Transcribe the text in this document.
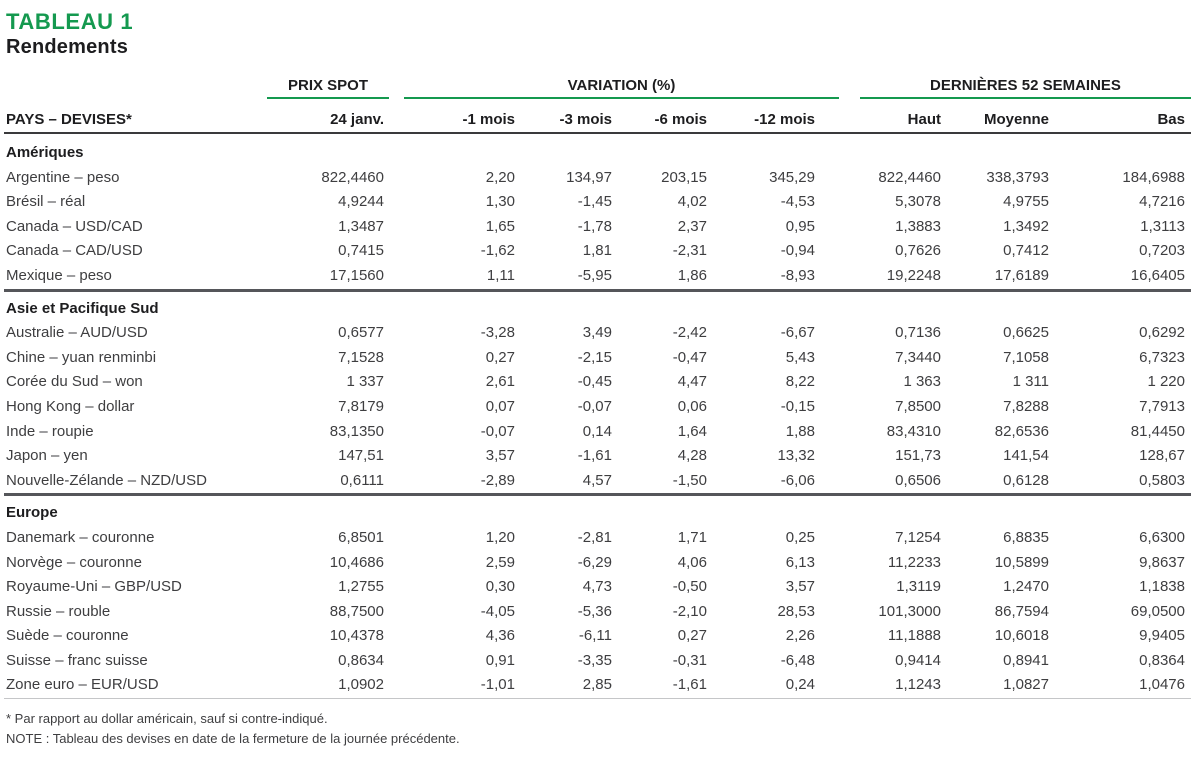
TABLEAU 1
Rendements
PRIX SPOT	VARIATION (%)	DERNIÈRES 52 SEMAINES

PAYS – DEVISES*	24 janv.	-1 mois	-3 mois	-6 mois	-12 mois	Haut	Moyenne	Bas
Amériques								
Argentine – peso	822,4460	2,20	134,97	203,15	345,29	822,4460	338,3793	184,6988
Brésil – réal	4,9244	1,30	-1,45	4,02	-4,53	5,3078	4,9755	4,7216
Canada – USD/CAD	1,3487	1,65	-1,78	2,37	0,95	1,3883	1,3492	1,3113
Canada – CAD/USD	0,7415	-1,62	1,81	-2,31	-0,94	0,7626	0,7412	0,7203
Mexique – peso	17,1560	1,11	-5,95	1,86	-8,93	19,2248	17,6189	16,6405
Asie et Pacifique Sud								
Australie – AUD/USD	0,6577	-3,28	3,49	-2,42	-6,67	0,7136	0,6625	0,6292
Chine – yuan renminbi	7,1528	0,27	-2,15	-0,47	5,43	7,3440	7,1058	6,7323
Corée du Sud – won	1 337	2,61	-0,45	4,47	8,22	1 363	1 311	1 220
Hong Kong – dollar	7,8179	0,07	-0,07	0,06	-0,15	7,8500	7,8288	7,7913
Inde – roupie	83,1350	-0,07	0,14	1,64	1,88	83,4310	82,6536	81,4450
Japon – yen	147,51	3,57	-1,61	4,28	13,32	151,73	141,54	128,67
Nouvelle-Zélande – NZD/USD	0,6111	-2,89	4,57	-1,50	-6,06	0,6506	0,6128	0,5803
Europe								
Danemark – couronne	6,8501	1,20	-2,81	1,71	0,25	7,1254	6,8835	6,6300
Norvège – couronne	10,4686	2,59	-6,29	4,06	6,13	11,2233	10,5899	9,8637
Royaume-Uni – GBP/USD	1,2755	0,30	4,73	-0,50	3,57	1,3119	1,2470	1,1838
Russie – rouble	88,7500	-4,05	-5,36	-2,10	28,53	101,3000	86,7594	69,0500
Suède – couronne	10,4378	4,36	-6,11	0,27	2,26	11,1888	10,6018	9,9405
Suisse – franc suisse	0,8634	0,91	-3,35	-0,31	-6,48	0,9414	0,8941	0,8364
Zone euro – EUR/USD	1,0902	-1,01	2,85	-1,61	0,24	1,1243	1,0827	1,0476
* Par rapport au dollar américain, sauf si contre-indiqué.
NOTE : Tableau des devises en date de la fermeture de la journée précédente.
